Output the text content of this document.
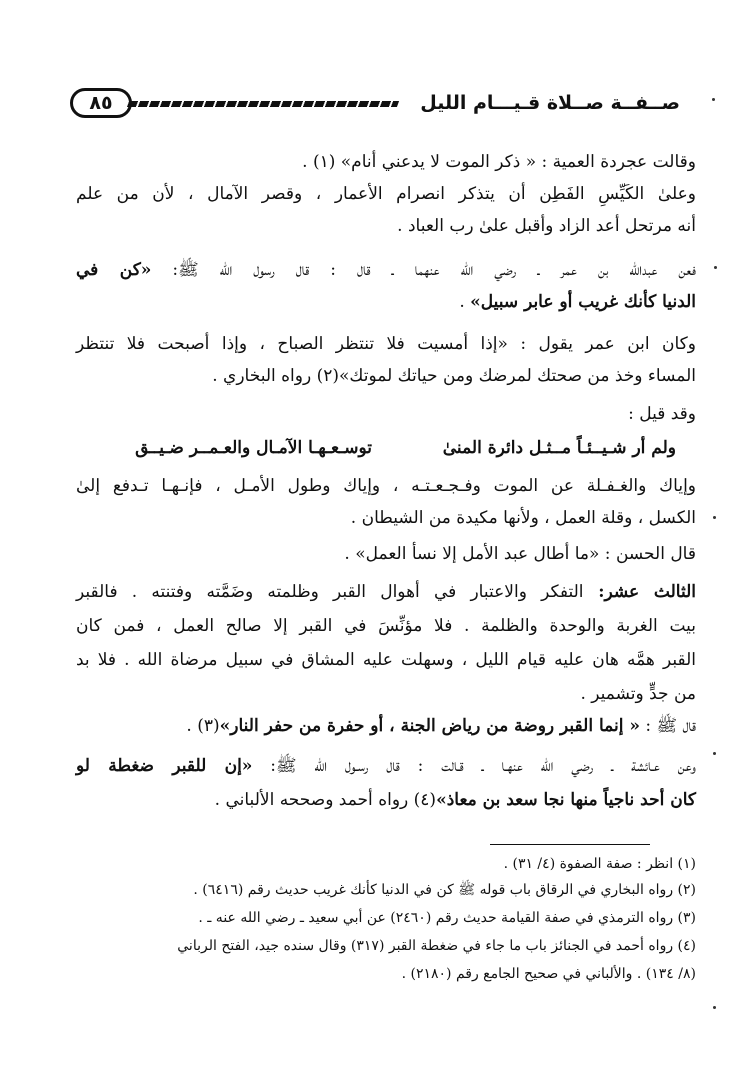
٨٥	صــفــة صــلاة قـيـــام الليل
وقالت عجردة العمية : « ذكر الموت لا يدعني أنام» (١) .
وعلىٰ الكَيِّسِ الفَطِن أن يتذكر انصرام الأعمار ، وقصر الآمال ، لأن من علم
أنه مرتحل أعد الزاد وأقبل علىٰ رب العباد .
فعن عبدالله بن عمر ـ رضي الله عنهما ـ قال : قال رسول الله ﷺ: «كن في
الدنيا كأنك غريب أو عابر سبيل» .
وكان ابن عمر يقول : «إذا أمسيت فلا تنتظر الصباح ، وإذا أصبحت فلا تنتظر
المساء وخذ من صحتك لمرضك ومن حياتك لموتك»(٢) رواه البخاري .
وقد قيل :
ولم أر شـيــئـاً مــثـل دائرة المنىٰ
توسـعـهـا الآمـال والعـمــر ضـيــق
وإياك والغـفـلة عن الموت وفـجـعـتـه ، وإياك وطول الأمـل ، فإنـهـا تـدفع إلىٰ
الكسل ، وقلة العمل ، ولأنها مكيدة من الشيطان .
قال الحسن : «ما أطال عبد الأمل إلا نسأ العمل» .
الثالث عشر: التفكر والاعتبار في أهوال القبر وظلمته وضَمَّته وفتنته . فالقبر
بيت الغربة والوحدة والظلمة . فلا مؤنِّسَ في القبر إلا صالح العمل ، فمن كان
القبر همَّه هان عليه قيام الليل ، وسهلت عليه المشاق في سبيل مرضاة الله . فلا بد
من جدٍّ وتشمير .
قال ﷺ : « إنما القبر روضة من رياض الجنة ، أو حفرة من حفر النار»(٣) .
وعن عـائشة ـ رضي الله عنهـا ـ قـالت : قال رسـول الله ﷺ: «إن للقبر ضغطة لو
كان أحد ناجياً منها نجا سعد بن معاذ»(٤) رواه أحمد وصححه الألباني .
(١) انظر : صفة الصفوة (٤/ ٣١) .
(٢) رواه البخاري في الرقاق باب قوله ﷺ كن في الدنيا كأنك غريب حديث رقم (٦٤١٦) .
(٣) رواه الترمذي في صفة القيامة حديث رقم (٢٤٦٠) عن أبي سعيد ـ رضي الله عنه ـ .
(٤) رواه أحمد في الجنائز باب ما جاء في ضغطة القبر (٣١٧) وقال سنده جيد، الفتح الرباني
(٨/ ١٣٤) . والألباني في صحيح الجامع رقم (٢١٨٠) .
